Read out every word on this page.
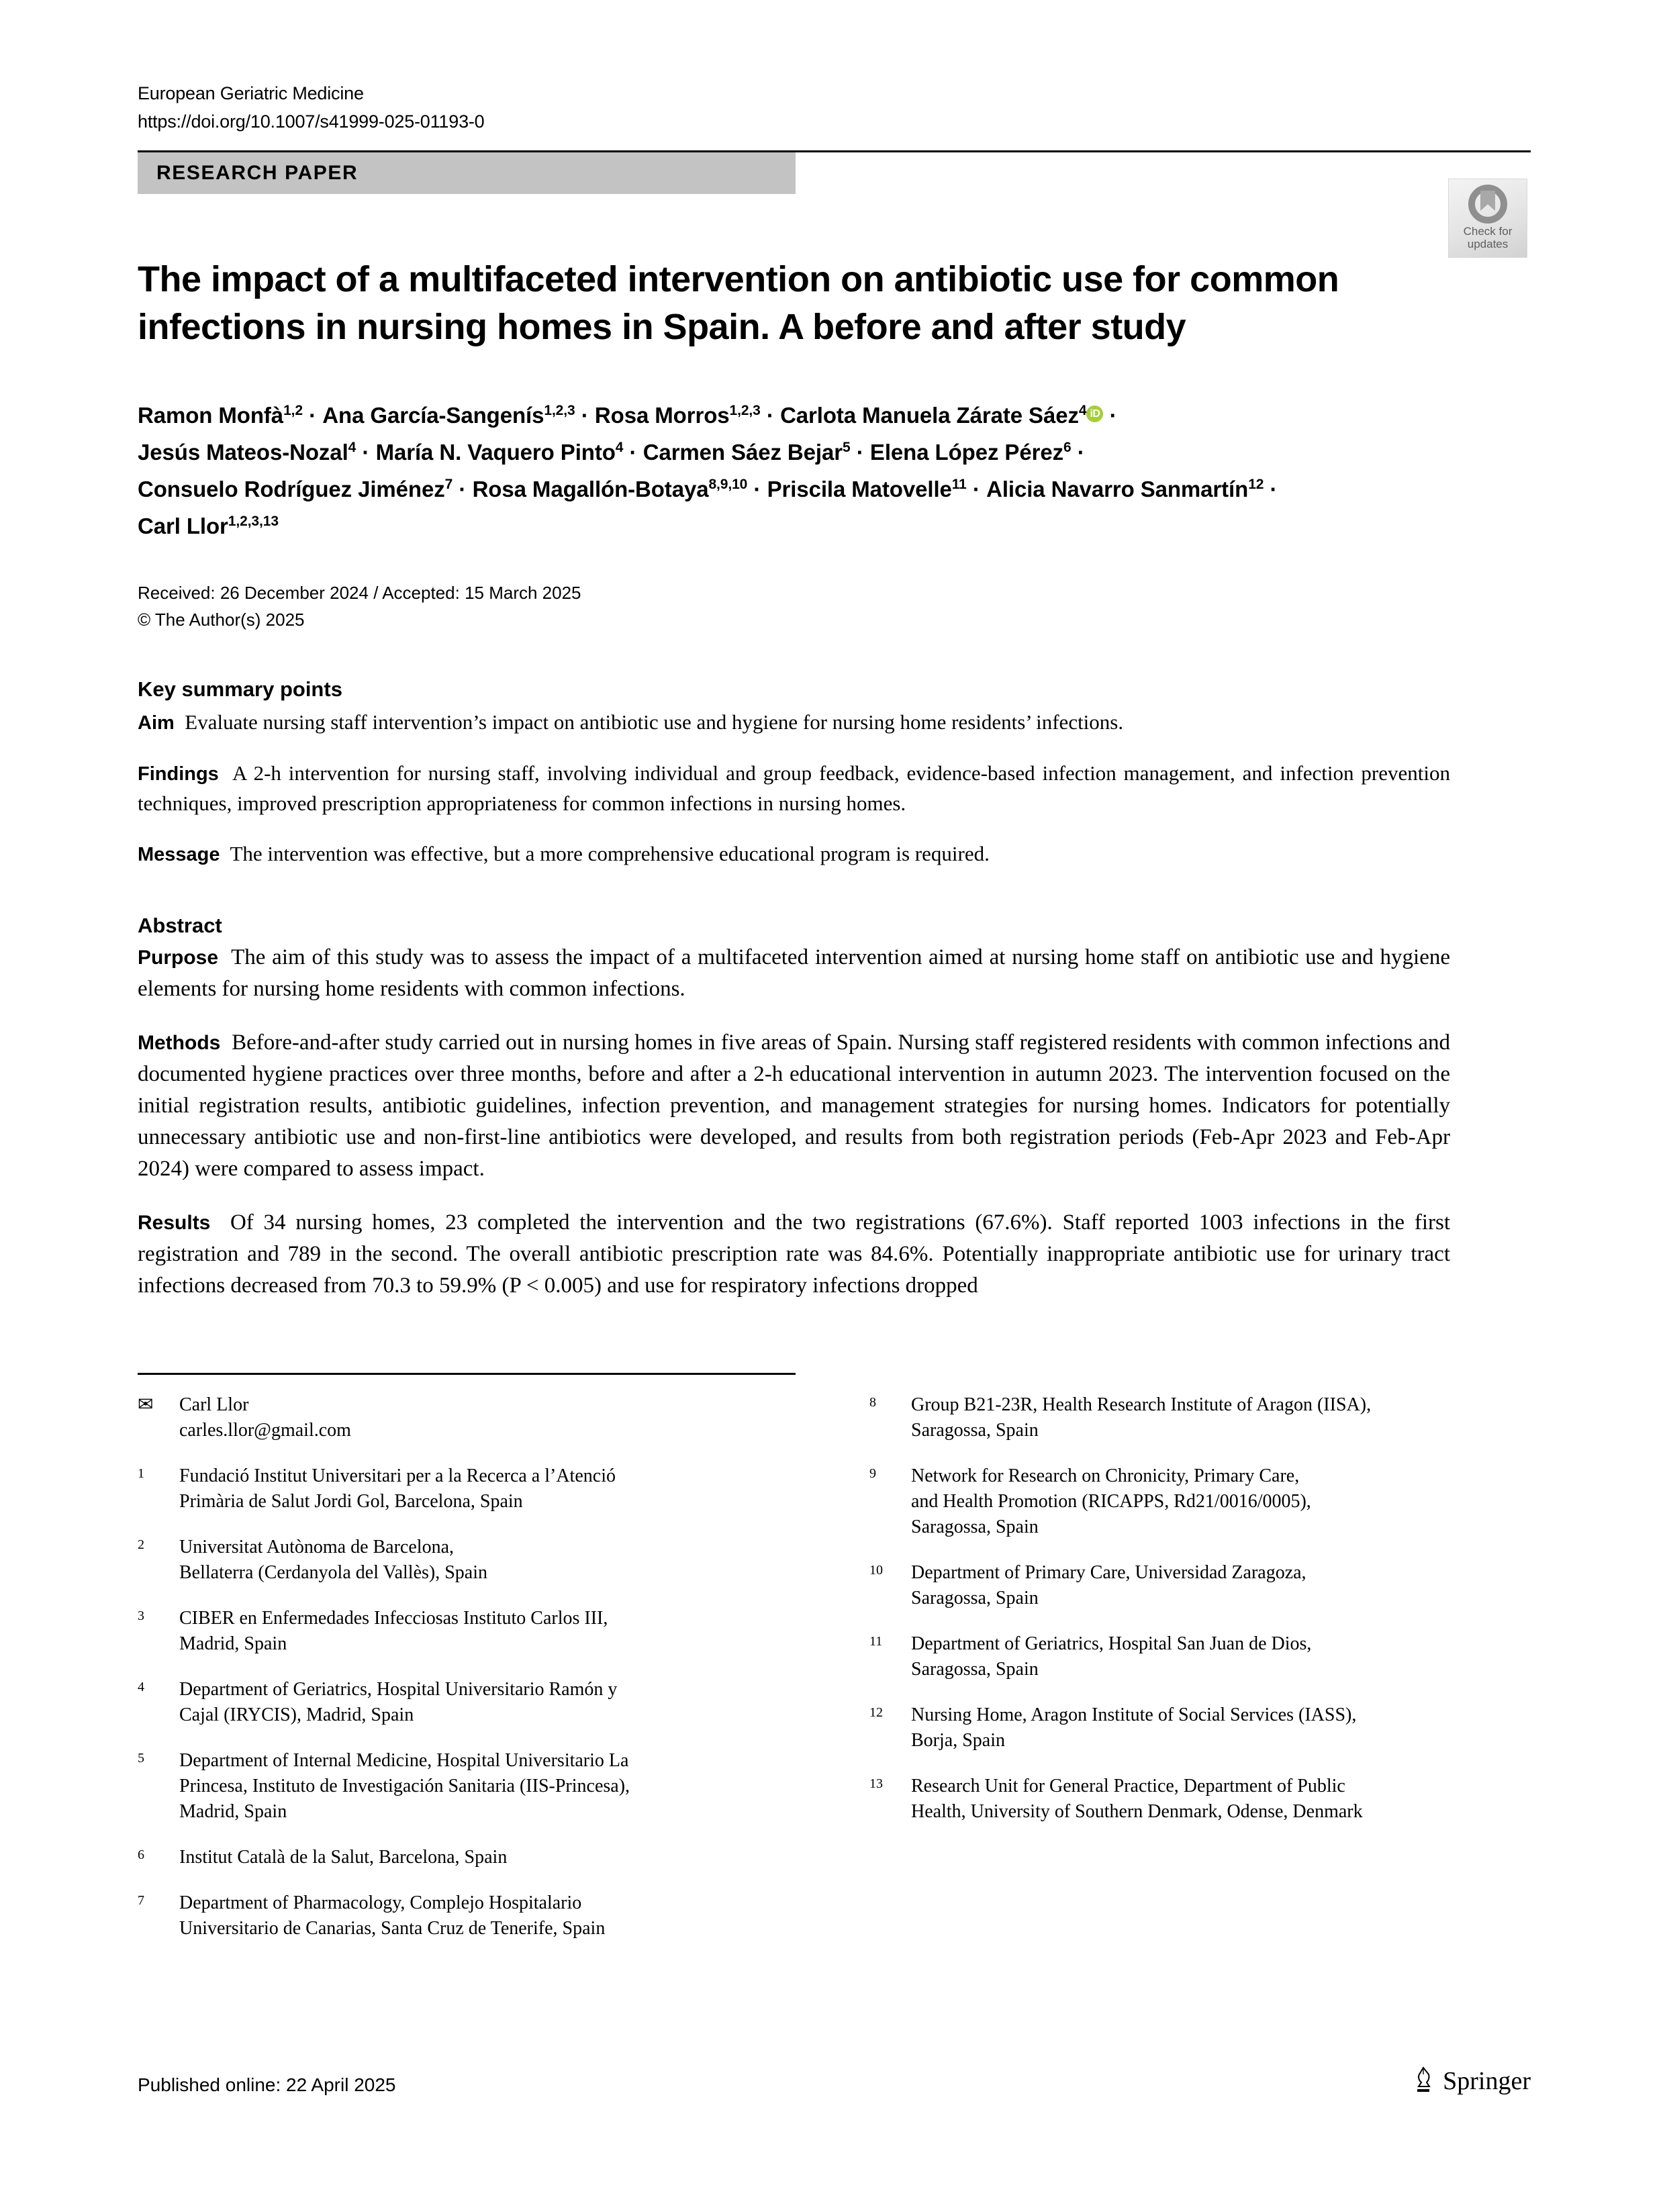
European Geriatric Medicine
https://doi.org/10.1007/s41999-025-01193-0
RESEARCH PAPER
The impact of a multifaceted intervention on antibiotic use for common infections in nursing homes in Spain. A before and after study
Ramon Monfà$^{1,2}$ · Ana García-Sangenís$^{1,2,3}$ · Rosa Morros$^{1,2,3}$ · Carlota Manuela Zárate Sáez$^4$ iD ·
Jesús Mateos-Nozal$^4$ · María N. Vaquero Pinto$^4$ · Carmen Sáez Bejar$^5$ · Elena López Pérez$^6$ ·
Consuelo Rodríguez Jiménez$^7$ · Rosa Magallón-Botaya$^{8,9,10}$ · Priscila Matovelle$^{11}$ · Alicia Navarro Sanmartín$^{12}$ ·
Carl Llor$^{1,2,3,13}$
Received: 26 December 2024 / Accepted: 15 March 2025
© The Author(s) 2025
Key summary points

Aim Evaluate nursing staff intervention’s impact on antibiotic use and hygiene for nursing home residents’ infections.

Findings A 2-h intervention for nursing staff, involving individual and group feedback, evidence-based infection management, and infection prevention techniques, improved prescription appropriateness for common infections in nursing homes.

Message The intervention was effective, but a more comprehensive educational program is required.

Abstract

Purpose The aim of this study was to assess the impact of a multifaceted intervention aimed at nursing home staff on antibiotic use and hygiene elements for nursing home residents with common infections.

Methods Before-and-after study carried out in nursing homes in five areas of Spain. Nursing staff registered residents with common infections and documented hygiene practices over three months, before and after a 2-h educational intervention in autumn 2023. The intervention focused on the initial registration results, antibiotic guidelines, infection prevention, and management strategies for nursing homes. Indicators for potentially unnecessary antibiotic use and non-first-line antibiotics were developed, and results from both registration periods (Feb-Apr 2023 and Feb-Apr 2024) were compared to assess impact.

Results Of 34 nursing homes, 23 completed the intervention and the two registrations (67.6%). Staff reported 1003 infections in the first registration and 789 in the second. The overall antibiotic prescription rate was 84.6%. Potentially inappropriate antibiotic use for urinary tract infections decreased from 70.3 to 59.9% (P < 0.005) and use for respiratory infections dropped

✉	Carl Llor
carles.llor@gmail.com
1	Fundació Institut Universitari per a la Recerca a l’Atenció
Primària de Salut Jordi Gol, Barcelona, Spain
2	Universitat Autònoma de Barcelona,
Bellaterra (Cerdanyola del Vallès), Spain
3	CIBER en Enfermedades Infecciosas Instituto Carlos III,
Madrid, Spain
4	Department of Geriatrics, Hospital Universitario Ramón y
Cajal (IRYCIS), Madrid, Spain
5	Department of Internal Medicine, Hospital Universitario La
Princesa, Instituto de Investigación Sanitaria (IIS-Princesa),
Madrid, Spain
6	Institut Català de la Salut, Barcelona, Spain
7	Department of Pharmacology, Complejo Hospitalario
Universitario de Canarias, Santa Cruz de Tenerife, Spain
8	Group B21-23R, Health Research Institute of Aragon (IISA),
Saragossa, Spain
9	Network for Research on Chronicity, Primary Care,
and Health Promotion (RICAPPS, Rd21/0016/0005),
Saragossa, Spain
10	Department of Primary Care, Universidad Zaragoza,
Saragossa, Spain
11	Department of Geriatrics, Hospital San Juan de Dios,
Saragossa, Spain
12	Nursing Home, Aragon Institute of Social Services (IASS),
Borja, Spain
13	Research Unit for General Practice, Department of Public
Health, University of Southern Denmark, Odense, Denmark
Check for
updates
Published online: 22 April 2025	Springer
